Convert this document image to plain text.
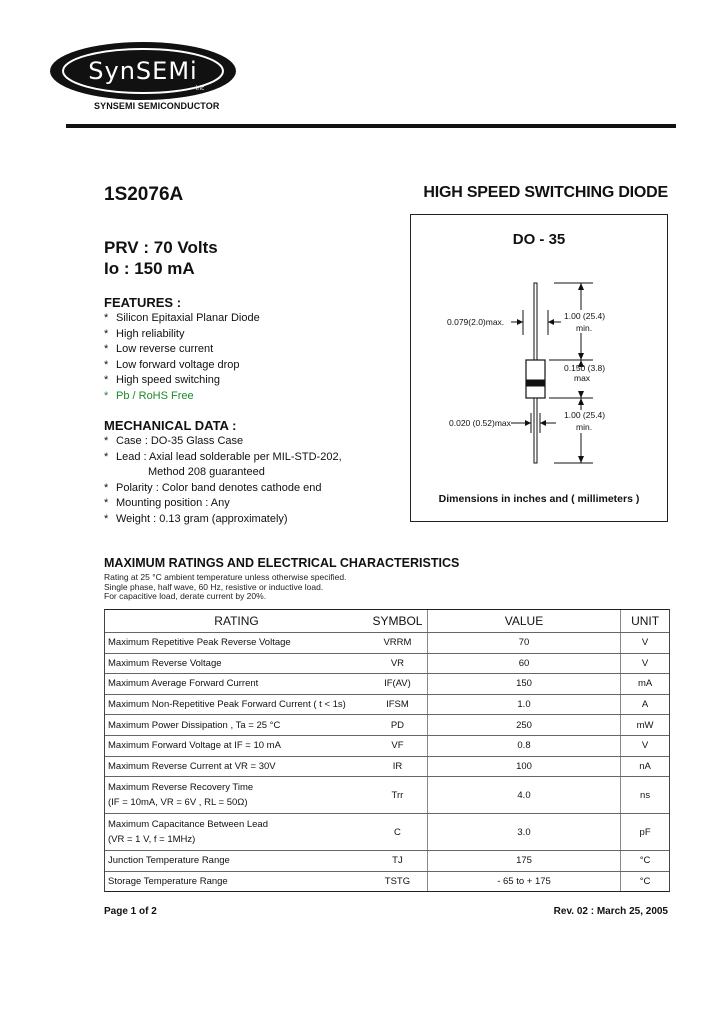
SynSEMi
inc
SYNSEMI SEMICONDUCTOR
1S2076A	HIGH SPEED SWITCHING DIODE
PRV : 70 Volts
Io : 150 mA
FEATURES :
* Silicon Epitaxial Planar Diode
* High reliability
* Low reverse current
* Low forward voltage drop
* High speed switching
* Pb / RoHS Free
MECHANICAL DATA :
* Case : DO-35 Glass Case
* Lead : Axial lead solderable per MIL-STD-202,
Method 208 guaranteed
* Polarity : Color band denotes cathode end
* Mounting position : Any
* Weight : 0.13 gram (approximately)
DO - 35
0.079(2.0)max.
1.00 (25.4)
min.
0.150 (3.8)
max
0.020 (0.52)max
1.00 (25.4)
min.
Dimensions in inches and ( millimeters )
MAXIMUM RATINGS AND ELECTRICAL CHARACTERISTICS
Rating at 25 °C ambient temperature unless otherwise specified.
Single phase, half wave, 60 Hz, resistive or inductive load.
For capacitive load, derate current by 20%.
RATING	SYMBOL	VALUE	UNIT
Maximum Repetitive Peak Reverse Voltage	VRRM	70	V
Maximum Reverse Voltage	VR	60	V
Maximum Average Forward Current	IF(AV)	150	mA
Maximum Non-Repetitive Peak Forward Current ( t < 1s)	IFSM	1.0	A
Maximum Power Dissipation , Ta = 25 °C	PD	250	mW
Maximum Forward Voltage at IF = 10 mA	VF	0.8	V
Maximum Reverse Current at VR = 30V	IR	100	nA
Maximum Reverse Recovery Time
(IF = 10mA, VR = 6V , RL = 50Ω)
Trr	4.0	ns
Maximum Capacitance Between Lead
(VR = 1 V, f = 1MHz)
C	3.0	pF
Junction Temperature Range	TJ	175	°C
Storage Temperature Range	TSTG	- 65 to + 175	°C
Page 1 of 2	Rev. 02 : March 25, 2005
